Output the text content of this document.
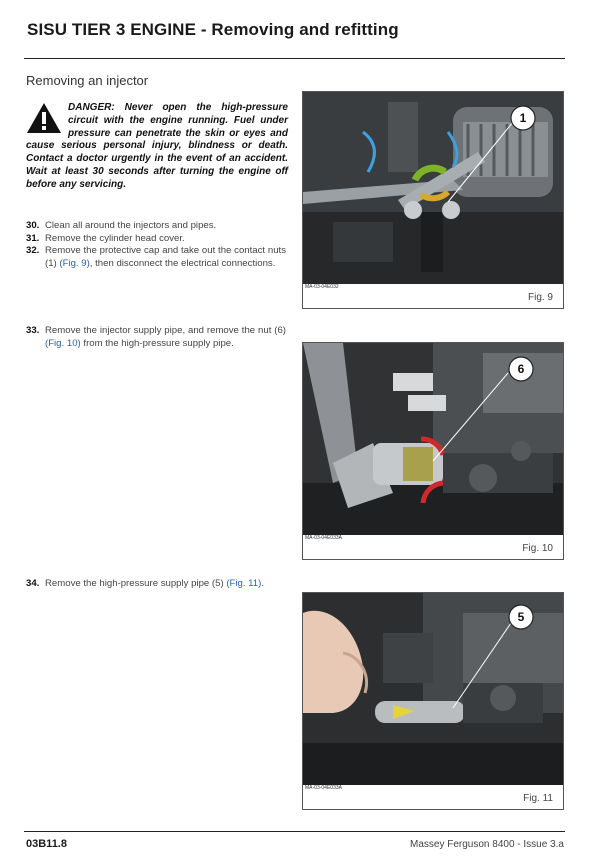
SISU TIER 3 ENGINE - Removing and refitting
Removing an injector
DANGER: Never open the high-pressure circuit with the engine running. Fuel under pressure can penetrate the skin or eyes and cause serious personal injury, blindness or death. Contact a doctor urgently in the event of an accident. Wait at least 30 seconds after turning the engine off before any servicing.
30. Clean all around the injectors and pipes.
31. Remove the cylinder head cover.
32. Remove the protective cap and take out the contact nuts (1) (Fig. 9), then disconnect the electrical connections.
33. Remove the injector supply pipe, and remove the nut (6) (Fig. 10) from the high-pressure supply pipe.
34. Remove the high-pressure supply pipe (5) (Fig. 11).
1
MA-03-04E032
Fig. 9
6
MA-03-04E033A
Fig. 10
5
MA-03-04E033A
Fig. 11
03B11.8	Massey Ferguson 8400 - Issue 3.a
